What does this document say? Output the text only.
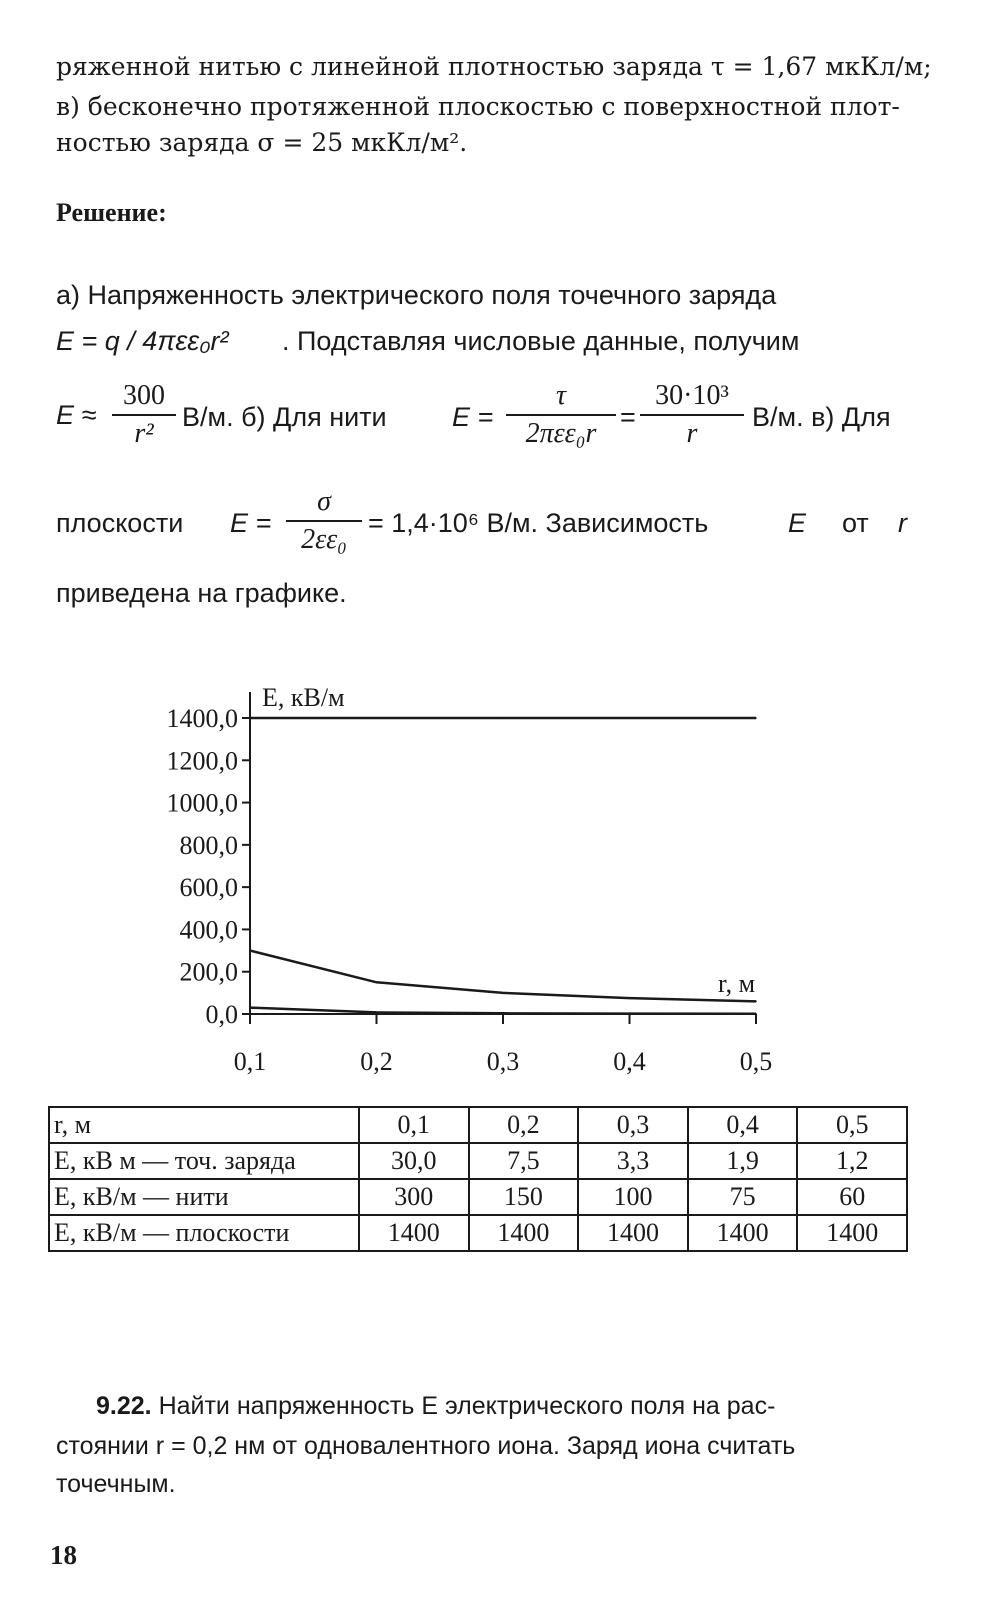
ряженной нитью с линейной плотностью заряда τ = 1,67 мкКл/м;
в) бесконечно протяженной плоскостью с поверхностной плот-
ностью заряда σ = 25 мкКл/м².
Решение:
а) Напряженность электрического поля точечного заряда
E = q / 4πεε₀r² . Подставляя числовые данные, получим
E ≈
300
r²
В/м. б) Для нити E =
τ
2πεε₀r
=
30·10³
r
В/м. в) Для
плоскости E =
σ
2εε₀
= 1,4·10⁶ В/м. Зависимость	E от r
приведена на графике.
0,0
200,0
400,0
600,0
800,0
1000,0
1200,0
1400,0
0,1	0,2	0,3	0,4	0,5
E, кВ/м
r, м
r, м	0,1	0,2	0,3	0,4	0,5
E, кВ м — точ. заряда	30,0	7,5	3,3	1,9	1,2
E, кВ/м — нити	300	150	100	75	60
E, кВ/м — плоскости	1400	1400	1400	1400	1400
9.22. Найти напряженность E электрического поля на рас-
стоянии r = 0,2 нм от одновалентного иона. Заряд иона считать
точечным.
18
